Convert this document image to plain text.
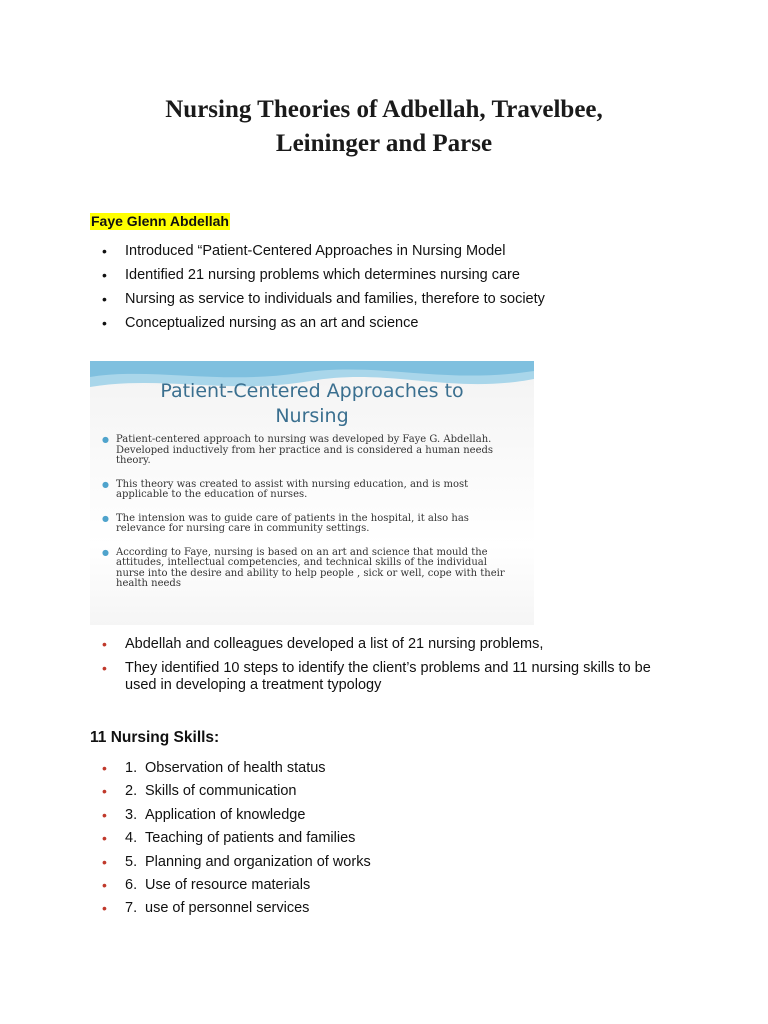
Nursing Theories of Adbellah, Travelbee,
Leininger and Parse
Faye Glenn Abdellah
• Introduced “Patient-Centered Approaches in Nursing Model
• Identified 21 nursing problems which determines nursing care
• Nursing as service to individuals and families, therefore to society
• Conceptualized nursing as an art and science
Patient-Centered Approaches to
Nursing
● Patient-centered approach to nursing was developed by Faye G. Abdellah. Developed inductively from her practice and is considered a human needs theory.
● This theory was created to assist with nursing education, and is most applicable to the education of nurses.
● The intension was to guide care of patients in the hospital, it also has relevance for nursing care in community settings.
● According to Faye, nursing is based on an art and science that mould the attitudes, intellectual competencies, and technical skills of the individual nurse into the desire and ability to help people , sick or well, cope with their health needs
• Abdellah and colleagues developed a list of 21 nursing problems,
• They identified 10 steps to identify the client’s problems and 11 nursing skills to be used in developing a treatment typology
11 Nursing Skills:
• 1. Observation of health status
• 2. Skills of communication
• 3. Application of knowledge
• 4. Teaching of patients and families
• 5. Planning and organization of works
• 6. Use of resource materials
• 7. use of personnel services
